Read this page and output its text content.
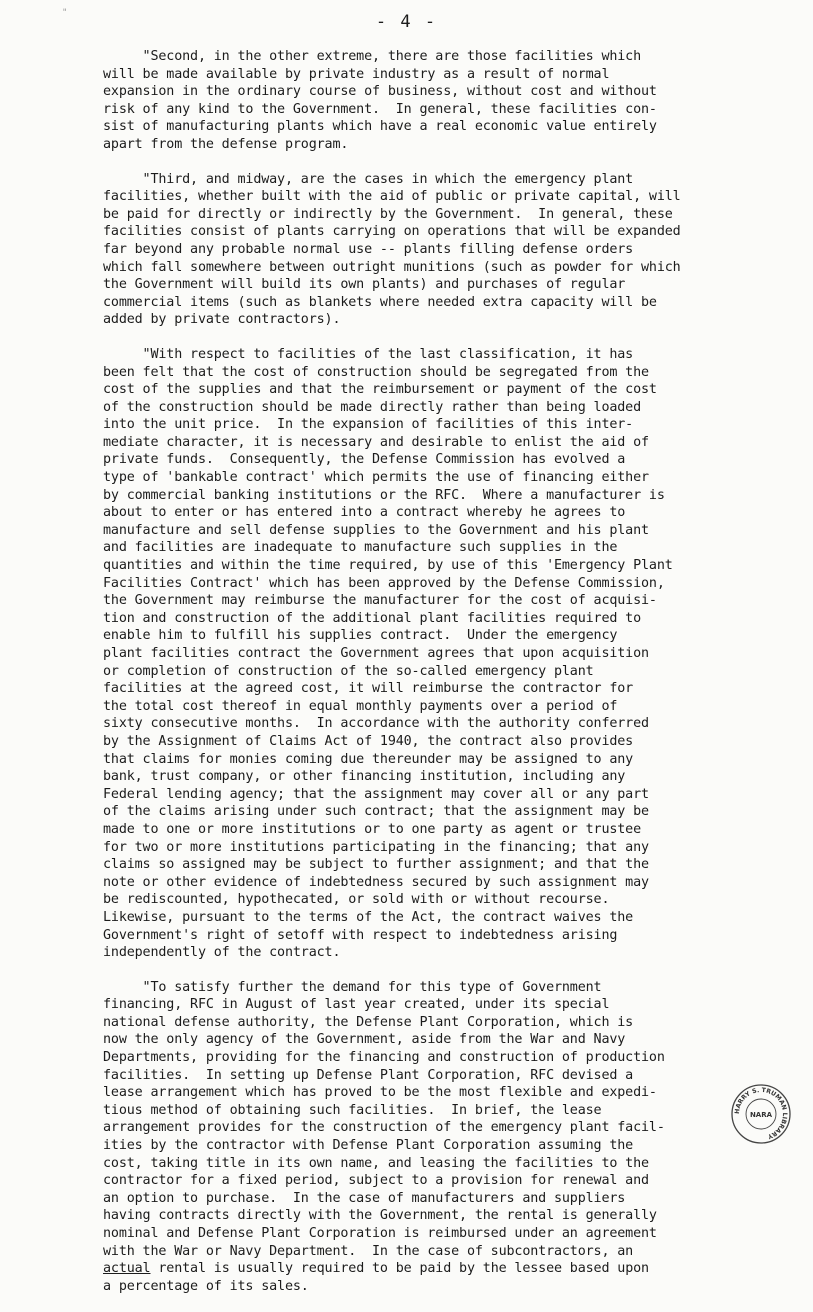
"	- 4 -

"Second, in the other extreme, there are those facilities which
will be made available by private industry as a result of normal
expansion in the ordinary course of business, without cost and without
risk of any kind to the Government.  In general, these facilities con-
sist of manufacturing plants which have a real economic value entirely
apart from the defense program.

"Third, and midway, are the cases in which the emergency plant
facilities, whether built with the aid of public or private capital, will
be paid for directly or indirectly by the Government.  In general, these
facilities consist of plants carrying on operations that will be expanded
far beyond any probable normal use -- plants filling defense orders
which fall somewhere between outright munitions (such as powder for which
the Government will build its own plants) and purchases of regular
commercial items (such as blankets where needed extra capacity will be
added by private contractors).

"With respect to facilities of the last classification, it has
been felt that the cost of construction should be segregated from the
cost of the supplies and that the reimbursement or payment of the cost
of the construction should be made directly rather than being loaded
into the unit price.  In the expansion of facilities of this inter-
mediate character, it is necessary and desirable to enlist the aid of
private funds.  Consequently, the Defense Commission has evolved a
type of 'bankable contract' which permits the use of financing either
by commercial banking institutions or the RFC.  Where a manufacturer is
about to enter or has entered into a contract whereby he agrees to
manufacture and sell defense supplies to the Government and his plant
and facilities are inadequate to manufacture such supplies in the
quantities and within the time required, by use of this 'Emergency Plant
Facilities Contract' which has been approved by the Defense Commission,
the Government may reimburse the manufacturer for the cost of acquisi-
tion and construction of the additional plant facilities required to
enable him to fulfill his supplies contract.  Under the emergency
plant facilities contract the Government agrees that upon acquisition
or completion of construction of the so-called emergency plant
facilities at the agreed cost, it will reimburse the contractor for
the total cost thereof in equal monthly payments over a period of
sixty consecutive months.  In accordance with the authority conferred
by the Assignment of Claims Act of 1940, the contract also provides
that claims for monies coming due thereunder may be assigned to any
bank, trust company, or other financing institution, including any
Federal lending agency; that the assignment may cover all or any part
of the claims arising under such contract; that the assignment may be
made to one or more institutions or to one party as agent or trustee
for two or more institutions participating in the financing; that any
claims so assigned may be subject to further assignment; and that the
note or other evidence of indebtedness secured by such assignment may
be rediscounted, hypothecated, or sold with or without recourse.
Likewise, pursuant to the terms of the Act, the contract waives the
Government's right of setoff with respect to indebtedness arising
independently of the contract.

"To satisfy further the demand for this type of Government
financing, RFC in August of last year created, under its special
national defense authority, the Defense Plant Corporation, which is
now the only agency of the Government, aside from the War and Navy
Departments, providing for the financing and construction of production
facilities.  In setting up Defense Plant Corporation, RFC devised a
lease arrangement which has proved to be the most flexible and expedi-
tious method of obtaining such facilities.  In brief, the lease
arrangement provides for the construction of the emergency plant facil-
ities by the contractor with Defense Plant Corporation assuming the
cost, taking title in its own name, and leasing the facilities to the
contractor for a fixed period, subject to a provision for renewal and
an option to purchase.  In the case of manufacturers and suppliers
having contracts directly with the Government, the rental is generally
nominal and Defense Plant Corporation is reimbursed under an agreement
with the War or Navy Department.  In the case of subcontractors, an
actual rental is usually required to be paid by the lessee based upon
a percentage of its sales.

HARRY S. TRUMAN LIBRARY
NARA
